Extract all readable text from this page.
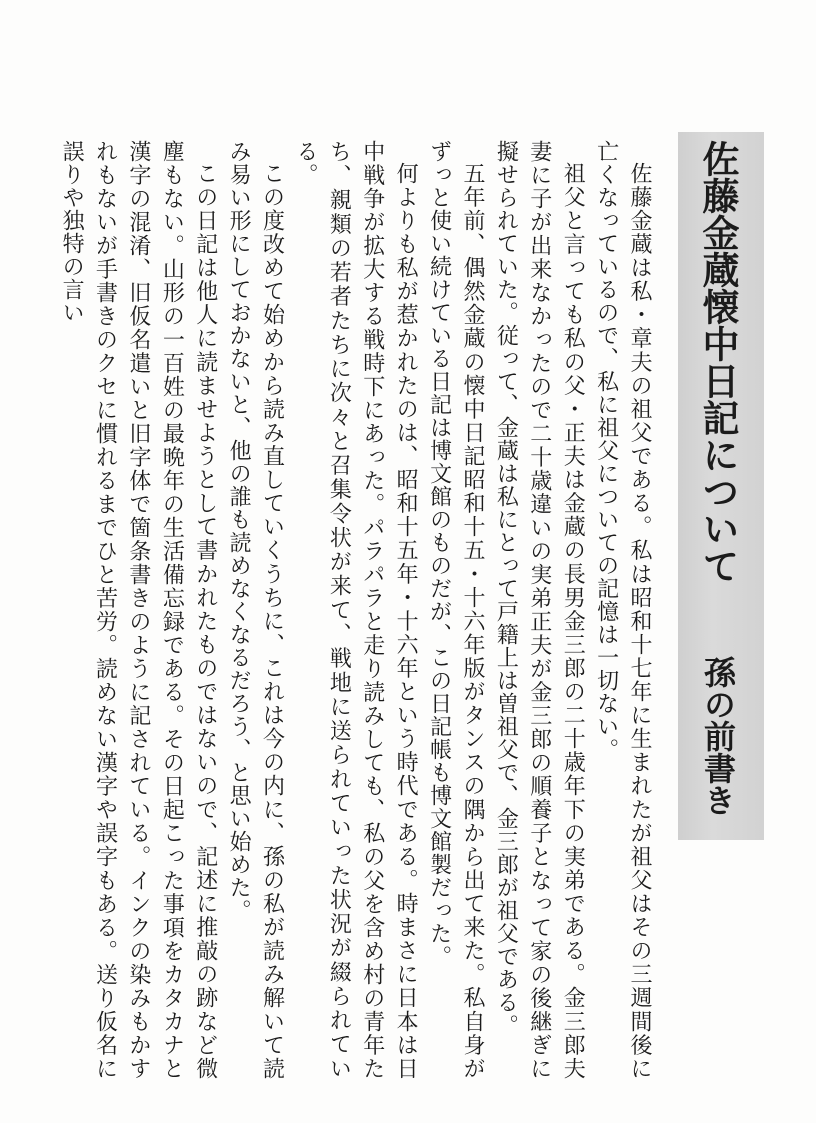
佐藤金蔵懐中日記について 孫の前書き

佐藤金蔵は私・章夫の祖父である。私は昭和十七年に生まれたが祖父はその三週間後に亡くなっているので、私に祖父についての記憶は一切ない。

祖父と言っても私の父・正夫は金蔵の長男金三郎の二十歳年下の実弟である。金三郎夫妻に子が出来なかったので二十歳違いの実弟正夫が金三郎の順養子となって家の後継ぎに擬せられていた。従って、金蔵は私にとって戸籍上は曽祖父で、金三郎が祖父である。

五年前、偶然金蔵の懐中日記昭和十五・十六年版がタンスの隅から出て来た。私自身がずっと使い続けている日記は博文館のものだが、この日記帳も博文館製だった。

何よりも私が惹かれたのは、昭和十五年・十六年という時代である。時まさに日本は日中戦争が拡大する戦時下にあった。パラパラと走り読みしても、私の父を含め村の青年たち、親類の若者たちに次々と召集令状が来て、戦地に送られていった状況が綴られている。

この度改めて始めから読み直していくうちに、これは今の内に、孫の私が読み解いて読み易い形にしておかないと、他の誰も読めなくなるだろう、と思い始めた。

この日記は他人に読ませようとして書かれたものではないので、記述に推敲の跡など微塵もない。山形の一百姓の最晩年の生活備忘録である。その日起こった事項をカタカナと漢字の混淆、旧仮名遣いと旧字体で箇条書きのように記されている。インクの染みもかすれもないが手書きのクセに慣れるまでひと苦労。読めない漢字や誤字もある。送り仮名に誤りや独特の言い
